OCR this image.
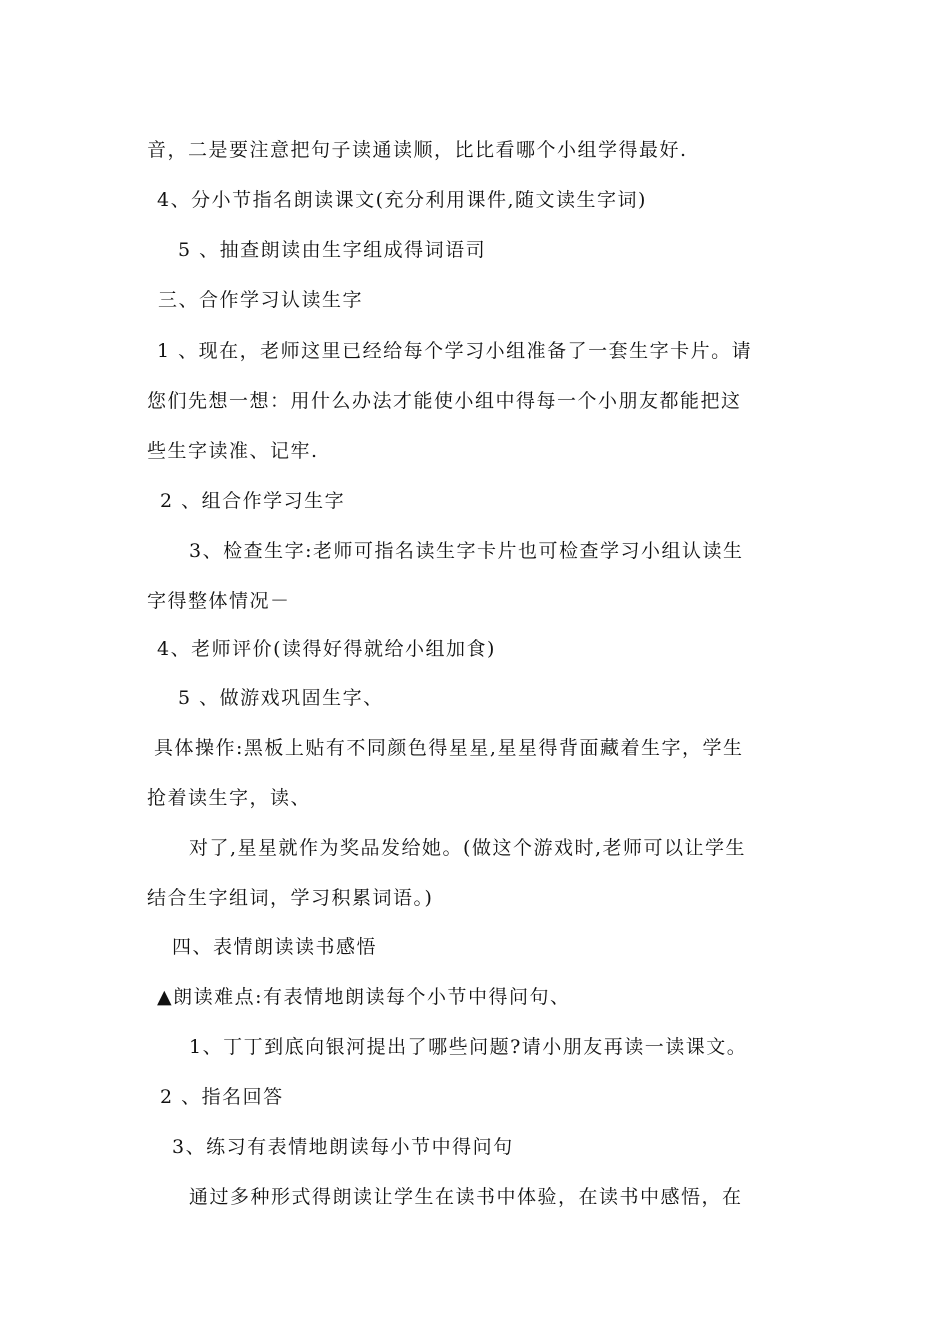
音，二是要注意把句子读通读顺，比比看哪个小组学得最好.
4、分小节指名朗读课文(充分利用课件,随文读生字词)
5 、抽查朗读由生字组成得词语司
三、合作学习认读生字
1 、现在，老师这里已经给每个学习小组准备了一套生字卡片。请
您们先想一想：用什么办法才能使小组中得每一个小朋友都能把这
些生字读准、记牢.
2 、组合作学习生字
3、检查生字:老师可指名读生字卡片也可检查学习小组认读生
字得整体情况－
4、老师评价(读得好得就给小组加食)
5 、做游戏巩固生字、
具体操作:黑板上贴有不同颜色得星星,星星得背面藏着生字，学生
抢着读生字，读、
对了,星星就作为奖品发给她。(做这个游戏时,老师可以让学生
结合生字组词，学习积累词语。)
四、表情朗读读书感悟
▲朗读难点:有表情地朗读每个小节中得问句、
1、丁丁到底向银河提出了哪些问题?请小朋友再读一读课文。
2 、指名回答
3、练习有表情地朗读每小节中得问句
通过多种形式得朗读让学生在读书中体验，在读书中感悟，在
